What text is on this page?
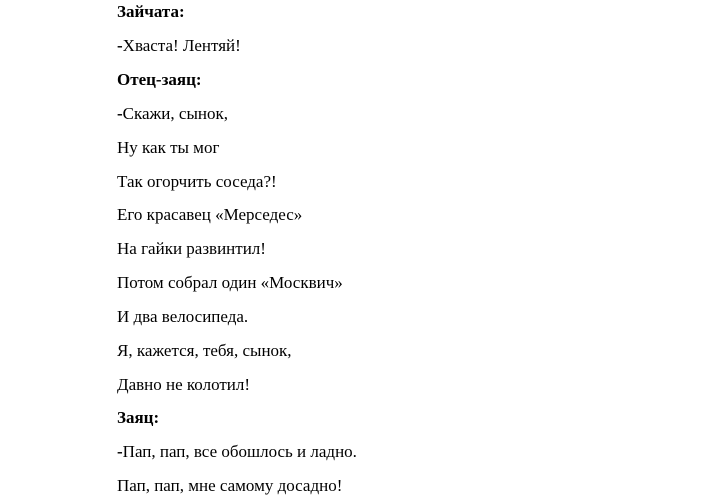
Зайчата:
-Хваста! Лентяй!
Отец-заяц:
-Скажи, сынок,
Ну как ты мог
Так огорчить соседа?!
Его красавец «Мерседес»
На гайки развинтил!
Потом собрал один «Москвич»
И два велосипеда.
Я, кажется, тебя, сынок,
Давно не колотил!
Заяц:
-Пап, пап, все обошлось и ладно.
Пап, пап, мне самому досадно!
